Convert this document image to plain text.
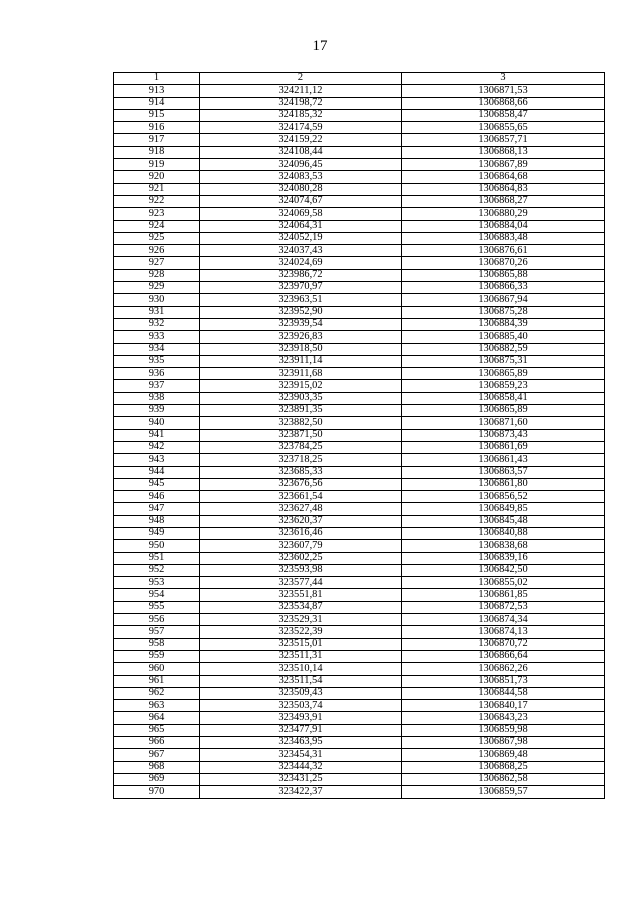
17
1	2	3
913	324211,12	1306871,53
914	324198,72	1306868,66
915	324185,32	1306858,47
916	324174,59	1306855,65
917	324159,22	1306857,71
918	324108,44	1306868,13
919	324096,45	1306867,89
920	324083,53	1306864,68
921	324080,28	1306864,83
922	324074,67	1306868,27
923	324069,58	1306880,29
924	324064,31	1306884,04
925	324052,19	1306883,48
926	324037,43	1306876,61
927	324024,69	1306870,26
928	323986,72	1306865,88
929	323970,97	1306866,33
930	323963,51	1306867,94
931	323952,90	1306875,28
932	323939,54	1306884,39
933	323926,83	1306885,40
934	323918,50	1306882,59
935	323911,14	1306875,31
936	323911,68	1306865,89
937	323915,02	1306859,23
938	323903,35	1306858,41
939	323891,35	1306865,89
940	323882,50	1306871,60
941	323871,50	1306873,43
942	323784,25	1306861,69
943	323718,25	1306861,43
944	323685,33	1306863,57
945	323676,56	1306861,80
946	323661,54	1306856,52
947	323627,48	1306849,85
948	323620,37	1306845,48
949	323616,46	1306840,88
950	323607,79	1306838,68
951	323602,25	1306839,16
952	323593,98	1306842,50
953	323577,44	1306855,02
954	323551,81	1306861,85
955	323534,87	1306872,53
956	323529,31	1306874,34
957	323522,39	1306874,13
958	323515,01	1306870,72
959	323511,31	1306866,64
960	323510,14	1306862,26
961	323511,54	1306851,73
962	323509,43	1306844,58
963	323503,74	1306840,17
964	323493,91	1306843,23
965	323477,91	1306859,98
966	323463,95	1306867,98
967	323454,31	1306869,48
968	323444,32	1306868,25
969	323431,25	1306862,58
970	323422,37	1306859,57
